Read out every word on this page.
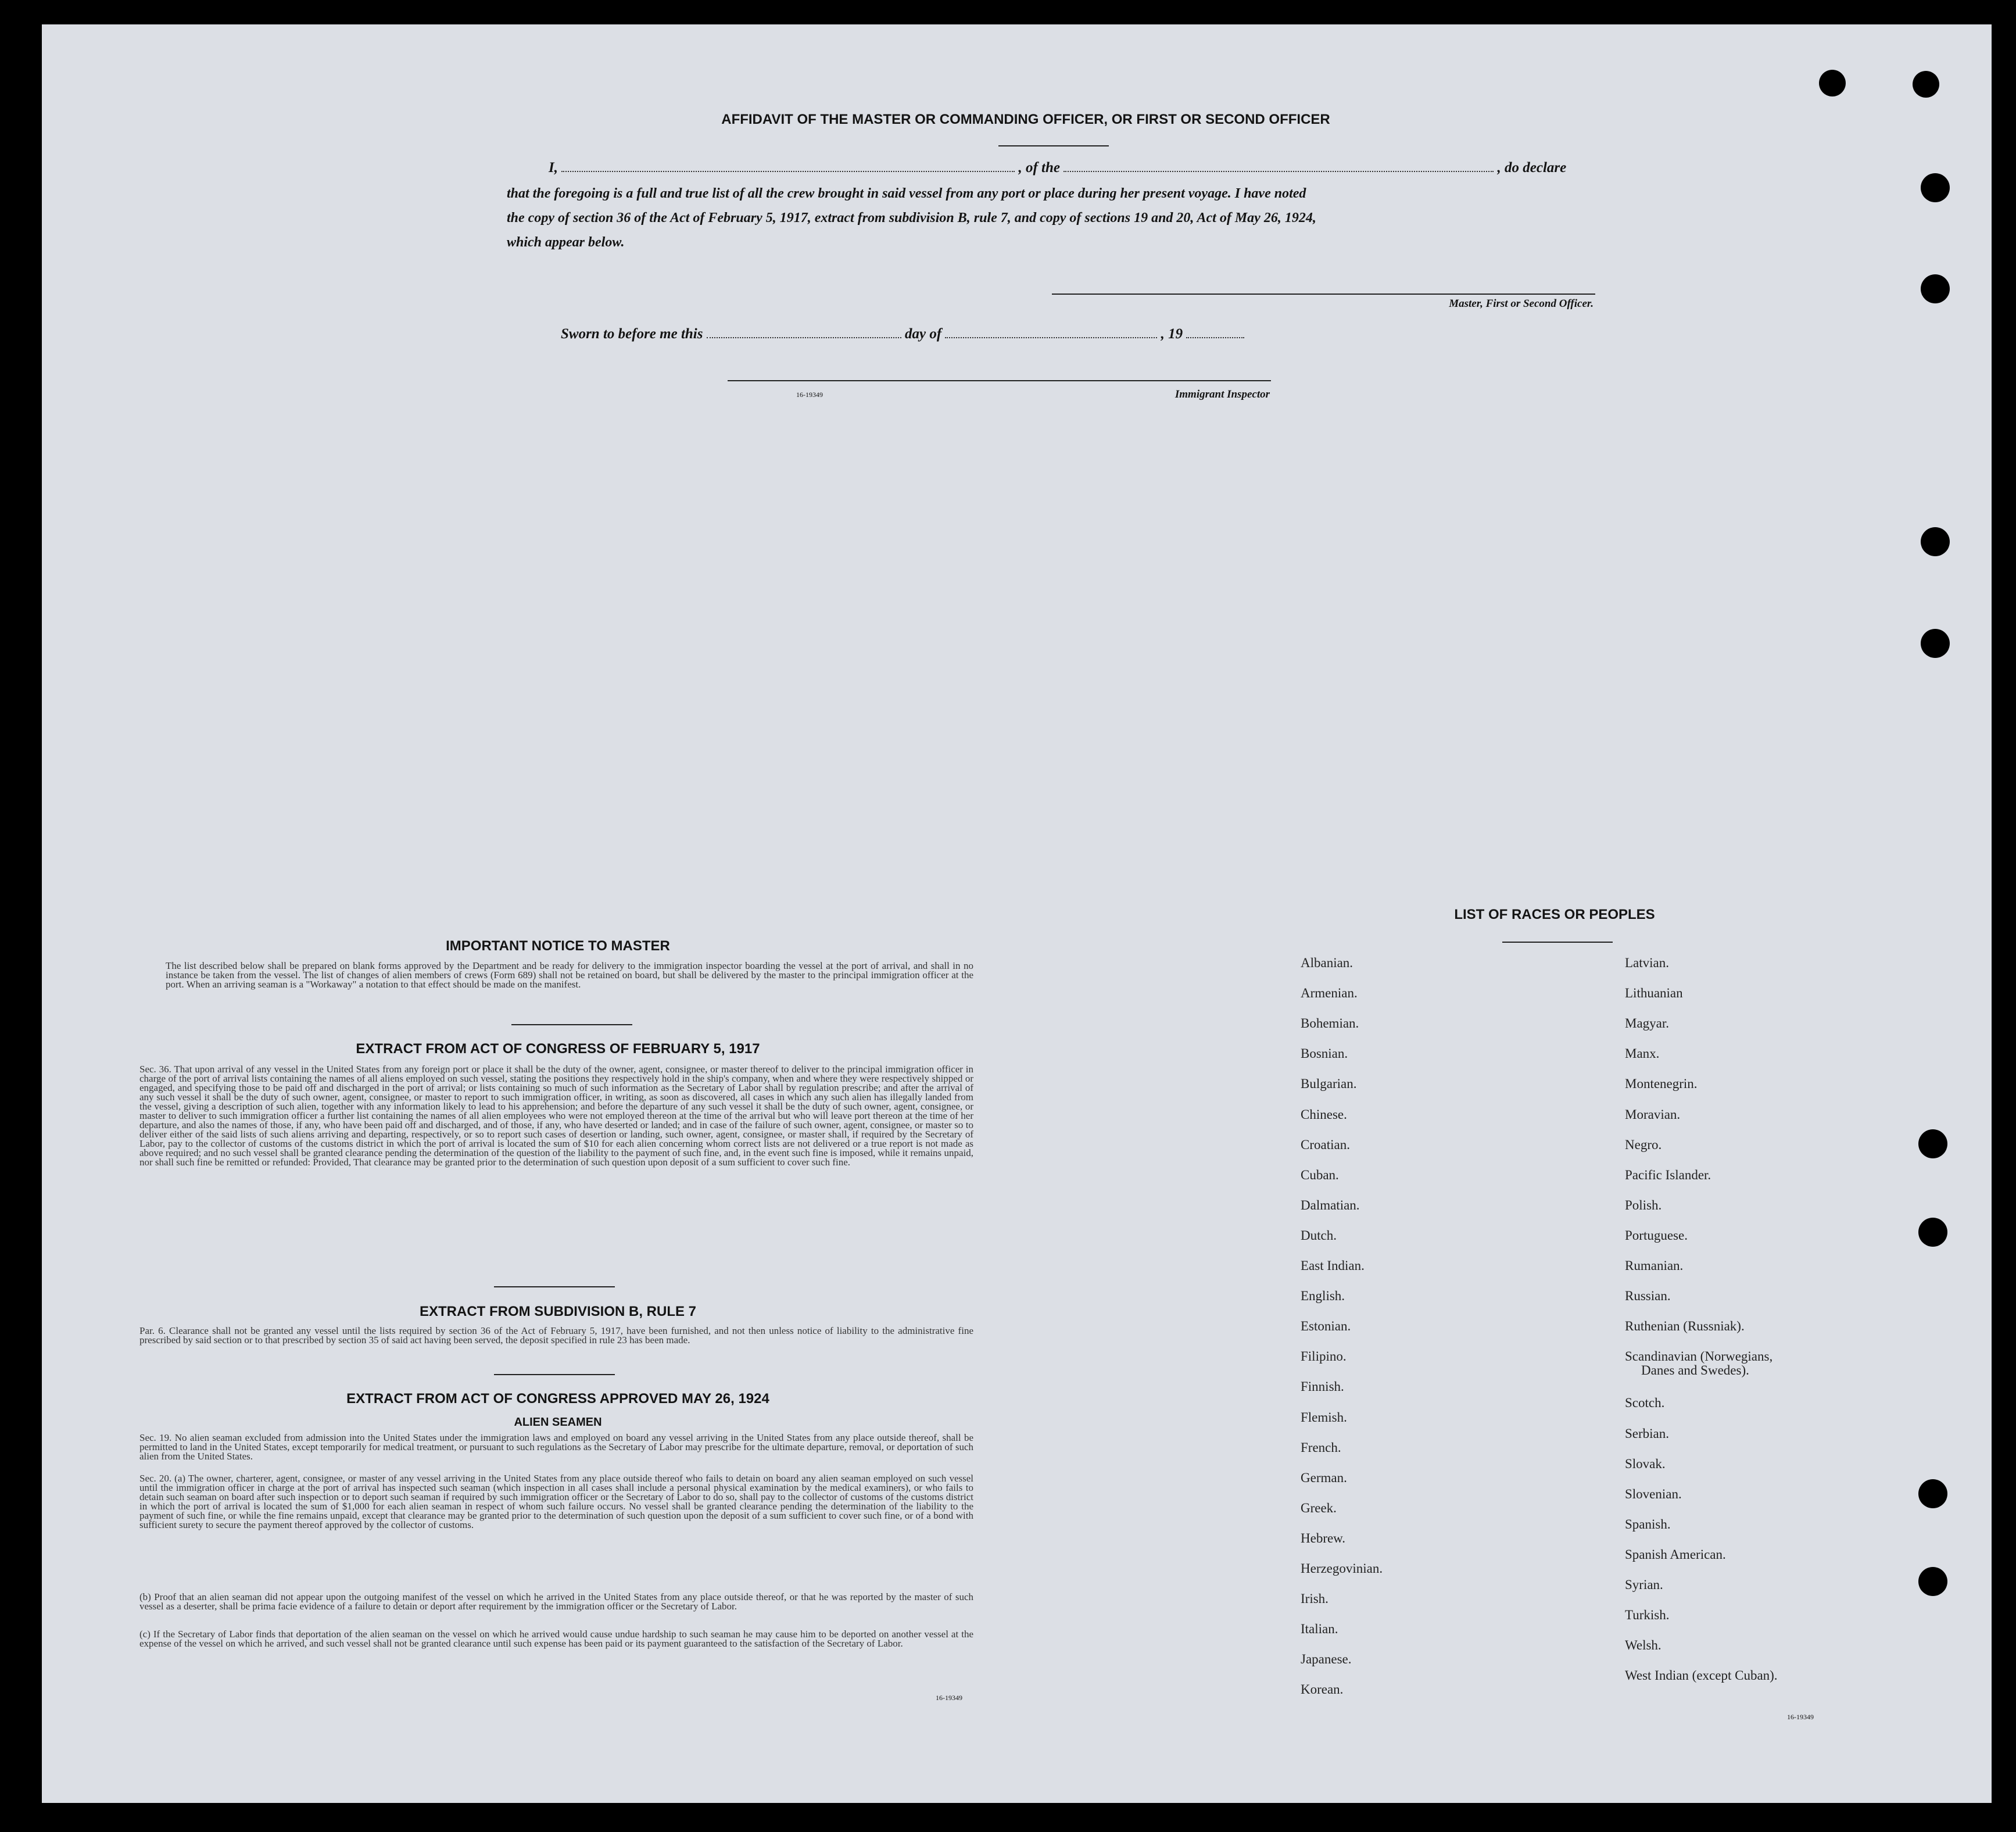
AFFIDAVIT OF THE MASTER OR COMMANDING OFFICER, OR FIRST OR SECOND OFFICER
I,	, of the	, do declare
that the foregoing is a full and true list of all the crew brought in said vessel from any port or place during her present voyage. I have noted
the copy of section 36 of the Act of February 5, 1917, extract from subdivision B, rule 7, and copy of sections 19 and 20, Act of May 26, 1924,
which appear below.
Master, First or Second Officer.
Sworn to before me this	day of	, 19
16-19349	Immigrant Inspector
IMPORTANT NOTICE TO MASTER
The list described below shall be prepared on blank forms approved by the Department and be ready for delivery to the immigration inspector boarding the vessel at the port of arrival, and shall in no instance be taken from the vessel. The list of changes of alien members of crews (Form 689) shall not be retained on board, but shall be delivered by the master to the principal immigration officer at the port. When an arriving seaman is a "Workaway" a notation to that effect should be made on the manifest.
EXTRACT FROM ACT OF CONGRESS OF FEBRUARY 5, 1917
Sec. 36. That upon arrival of any vessel in the United States from any foreign port or place it shall be the duty of the owner, agent, consignee, or master thereof to deliver to the principal immigration officer in charge of the port of arrival lists containing the names of all aliens employed on such vessel, stating the positions they respectively hold in the ship's company, when and where they were respectively shipped or engaged, and specifying those to be paid off and discharged in the port of arrival; or lists containing so much of such information as the Secretary of Labor shall by regulation prescribe; and after the arrival of any such vessel it shall be the duty of such owner, agent, consignee, or master to report to such immigration officer, in writing, as soon as discovered, all cases in which any such alien has illegally landed from the vessel, giving a description of such alien, together with any information likely to lead to his apprehension; and before the departure of any such vessel it shall be the duty of such owner, agent, consignee, or master to deliver to such immigration officer a further list containing the names of all alien employees who were not employed thereon at the time of the arrival but who will leave port thereon at the time of her departure, and also the names of those, if any, who have been paid off and discharged, and of those, if any, who have deserted or landed; and in case of the failure of such owner, agent, consignee, or master so to deliver either of the said lists of such aliens arriving and departing, respectively, or so to report such cases of desertion or landing, such owner, agent, consignee, or master shall, if required by the Secretary of Labor, pay to the collector of customs of the customs district in which the port of arrival is located the sum of $10 for each alien concerning whom correct lists are not delivered or a true report is not made as above required; and no such vessel shall be granted clearance pending the determination of the question of the liability to the payment of such fine, and, in the event such fine is imposed, while it remains unpaid, nor shall such fine be remitted or refunded: Provided, That clearance may be granted prior to the determination of such question upon deposit of a sum sufficient to cover such fine.
EXTRACT FROM SUBDIVISION B, RULE 7
Par. 6. Clearance shall not be granted any vessel until the lists required by section 36 of the Act of February 5, 1917, have been furnished, and not then unless notice of liability to the administrative fine prescribed by said section or to that prescribed by section 35 of said act having been served, the deposit specified in rule 23 has been made.
EXTRACT FROM ACT OF CONGRESS APPROVED MAY 26, 1924
ALIEN SEAMEN
Sec. 19. No alien seaman excluded from admission into the United States under the immigration laws and employed on board any vessel arriving in the United States from any place outside thereof, shall be permitted to land in the United States, except temporarily for medical treatment, or pursuant to such regulations as the Secretary of Labor may prescribe for the ultimate departure, removal, or deportation of such alien from the United States.
Sec. 20. (a) The owner, charterer, agent, consignee, or master of any vessel arriving in the United States from any place outside thereof who fails to detain on board any alien seaman employed on such vessel until the immigration officer in charge at the port of arrival has inspected such seaman (which inspection in all cases shall include a personal physical examination by the medical examiners), or who fails to detain such seaman on board after such inspection or to deport such seaman if required by such immigration officer or the Secretary of Labor to do so, shall pay to the collector of customs of the customs district in which the port of arrival is located the sum of $1,000 for each alien seaman in respect of whom such failure occurs. No vessel shall be granted clearance pending the determination of the liability to the payment of such fine, or while the fine remains unpaid, except that clearance may be granted prior to the determination of such question upon the deposit of a sum sufficient to cover such fine, or of a bond with sufficient surety to secure the payment thereof approved by the collector of customs.
(b) Proof that an alien seaman did not appear upon the outgoing manifest of the vessel on which he arrived in the United States from any place outside thereof, or that he was reported by the master of such vessel as a deserter, shall be prima facie evidence of a failure to detain or deport after requirement by the immigration officer or the Secretary of Labor.
(c) If the Secretary of Labor finds that deportation of the alien seaman on the vessel on which he arrived would cause undue hardship to such seaman he may cause him to be deported on another vessel at the expense of the vessel on which he arrived, and such vessel shall not be granted clearance until such expense has been paid or its payment guaranteed to the satisfaction of the Secretary of Labor.
16-19349
LIST OF RACES OR PEOPLES
Albanian.
Armenian.
Bohemian.
Bosnian.
Bulgarian.
Chinese.
Croatian.
Cuban.
Dalmatian.
Dutch.
East Indian.
English.
Estonian.
Filipino.
Finnish.
Flemish.
French.
German.
Greek.
Hebrew.
Herzegovinian.
Irish.
Italian.
Japanese.
Korean.
Latvian.
Lithuanian
Magyar.
Manx.
Montenegrin.
Moravian.
Negro.
Pacific Islander.
Polish.
Portuguese.
Rumanian.
Russian.
Ruthenian (Russniak).
Scandinavian (Norwegians,
Danes and Swedes).
Scotch.
Serbian.
Slovak.
Slovenian.
Spanish.
Spanish American.
Syrian.
Turkish.
Welsh.
West Indian (except Cuban).
16-19349
